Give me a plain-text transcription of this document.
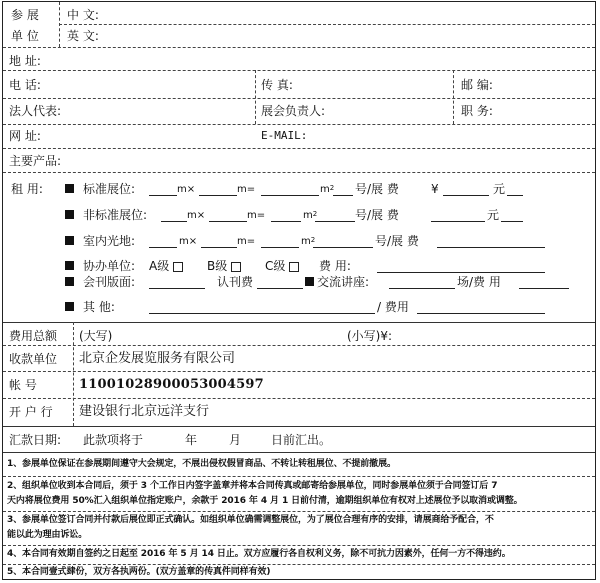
参 展
单 位
中 文:
英 文:
地 址:
电 话:	传 真:	邮 编:
法人代表:	展会负责人:	职 务:
网 址:	E-MAIL:
主要产品:
租 用:	标准展位:	m×	m=	$m^2$ 号/展 费	¥	元
非标准展位:	m×	m=	$m^2$	号/展 费	元
室内光地:	m×	m=	$m^2$	号/展 费
协办单位: A级	B级	C级	费 用:
会刊版面:	认刊费	交流讲座:	场/费 用
其 他:	/ 费用
费用总额 (大写)	(小写)¥:
收款单位 北京企发展览服务有限公司
帐 号	11001028900053004597
开 户 行 建设银行北京远洋支行
汇款日期: 此款项将于	年	月 日前汇出。
1、参展单位保证在参展期间遵守大会规定，不展出侵权假冒商品、不转让转租展位、不提前撤展。
2、组织单位收到本合同后，须于 3 个工作日内签字盖章并将本合同传真或邮寄给参展单位，同时参展单位须于合同签订后 7
天内将展位费用 50%汇入组织单位指定账户，余款于 2016 年 4 月 1 日前付清，逾期组织单位有权对上述展位予以取消或调整。
3、参展单位签订合同并付款后展位即正式确认。如组织单位确需调整展位，为了展位合理有序的安排，请展商给予配合，不
能以此为理由诉讼。
4、本合同有效期自签约之日起至 2016 年 5 月 14 日止。双方应履行各自权利义务，除不可抗力因素外，任何一方不得违约。
5、本合同壹式肆份，双方各执两份。(双方盖章的传真件同样有效)
